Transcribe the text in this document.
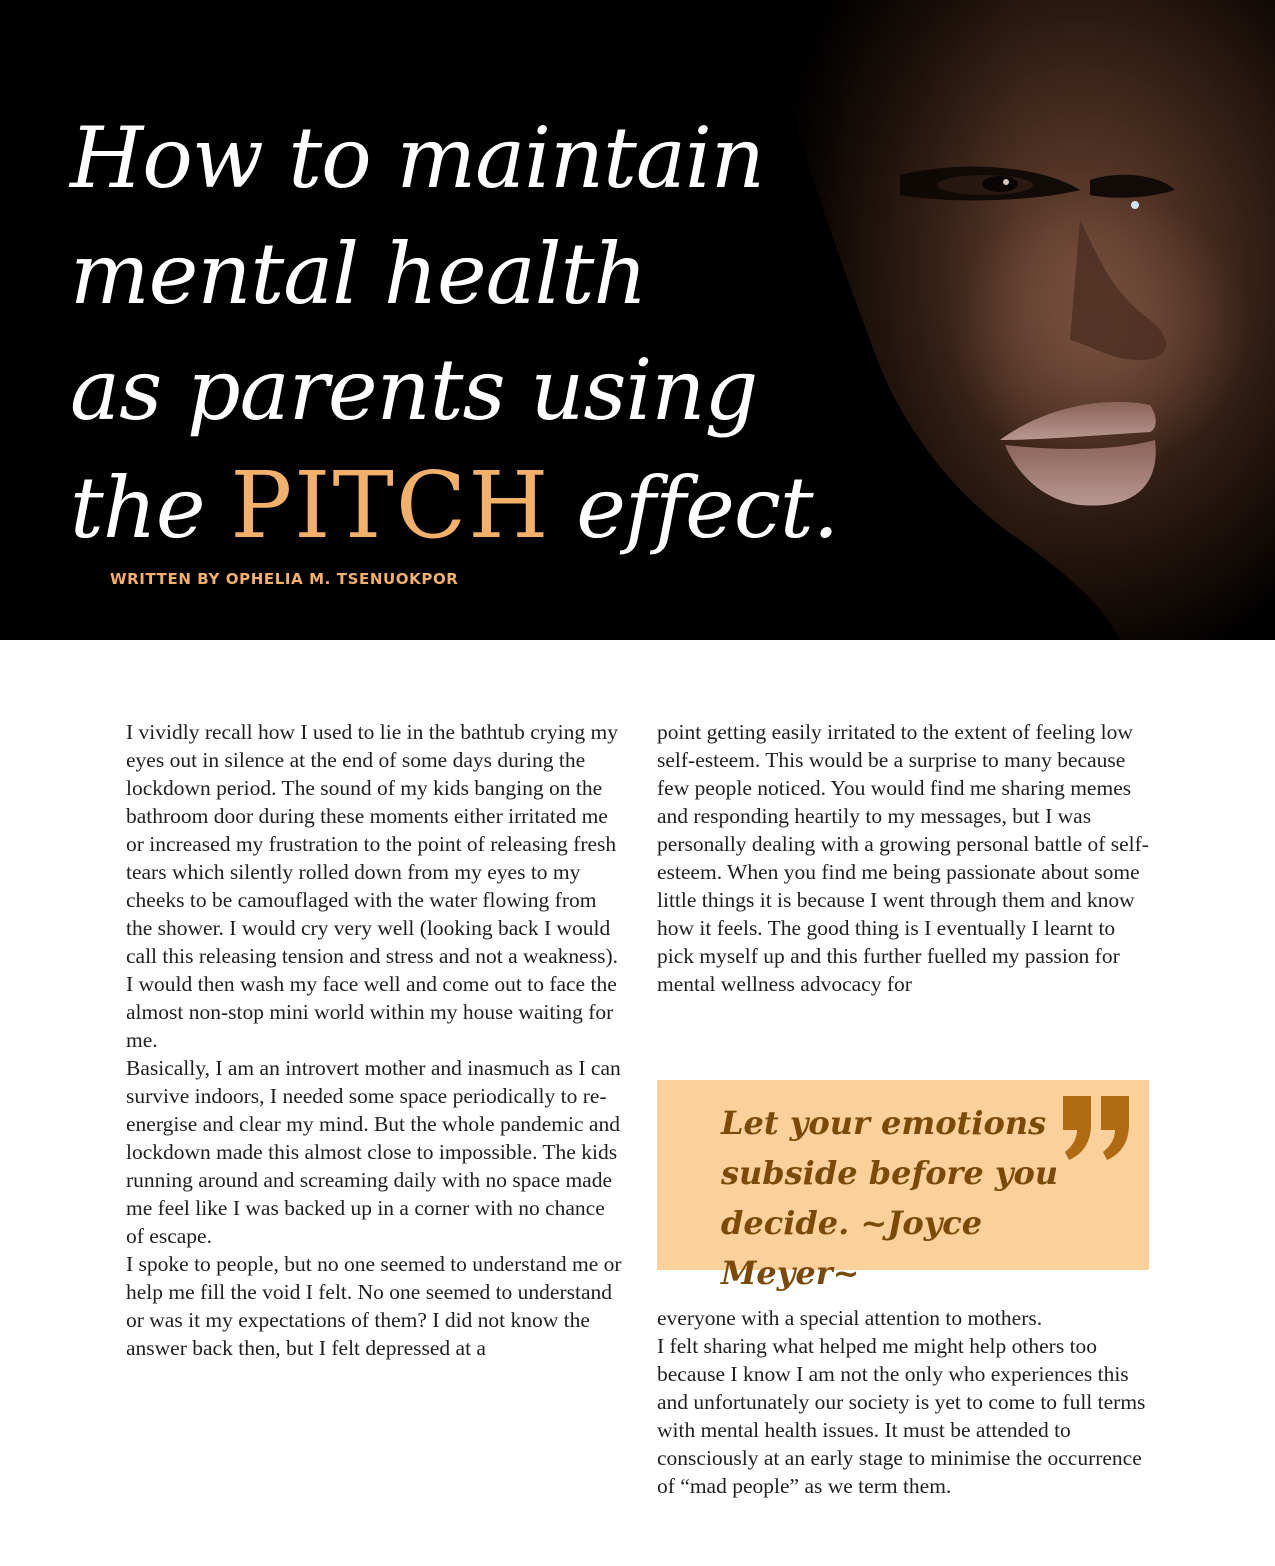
How to maintain
mental health
as parents using
the PITCH effect.
WRITTEN BY OPHELIA M. TSENUOKPOR

I vividly recall how I used to lie in the bathtub crying my eyes out in silence at the end of some days during the lockdown period. The sound of my kids banging on the bathroom door during these moments either irritated me or increased my frustration to the point of releasing fresh tears which silently rolled down from my eyes to my cheeks to be camouflaged with the water flowing from the shower. I would cry very well (looking back I would call this releasing tension and stress and not a weakness). I would then wash my face well and come out to face the almost non-stop mini world within my house waiting for me.

Basically, I am an introvert mother and inasmuch as I can survive indoors, I needed some space periodically to re-energise and clear my mind. But the whole pandemic and lockdown made this almost close to impossible. The kids running around and screaming daily with no space made me feel like I was backed up in a corner with no chance of escape.

I spoke to people, but no one seemed to understand me or help me fill the void I felt. No one seemed to understand or was it my expectations of them? I did not know the answer back then, but I felt depressed at a

point getting easily irritated to the extent of feeling low self-esteem. This would be a surprise to many because few people noticed. You would find me sharing memes and responding heartily to my messages, but I was personally dealing with a growing personal battle of self-esteem. When you find me being passionate about some little things it is because I went through them and know how it feels. The good thing is I eventually I learnt to pick myself up and this further fuelled my passion for mental wellness advocacy for

Let your emotions subside before you decide. ~Joyce Meyer~

everyone with a special attention to mothers.

I felt sharing what helped me might help others too because I know I am not the only who experiences this and unfortunately our society is yet to come to full terms with mental health issues. It must be attended to consciously at an early stage to minimise the occurrence of “mad people” as we term them.
